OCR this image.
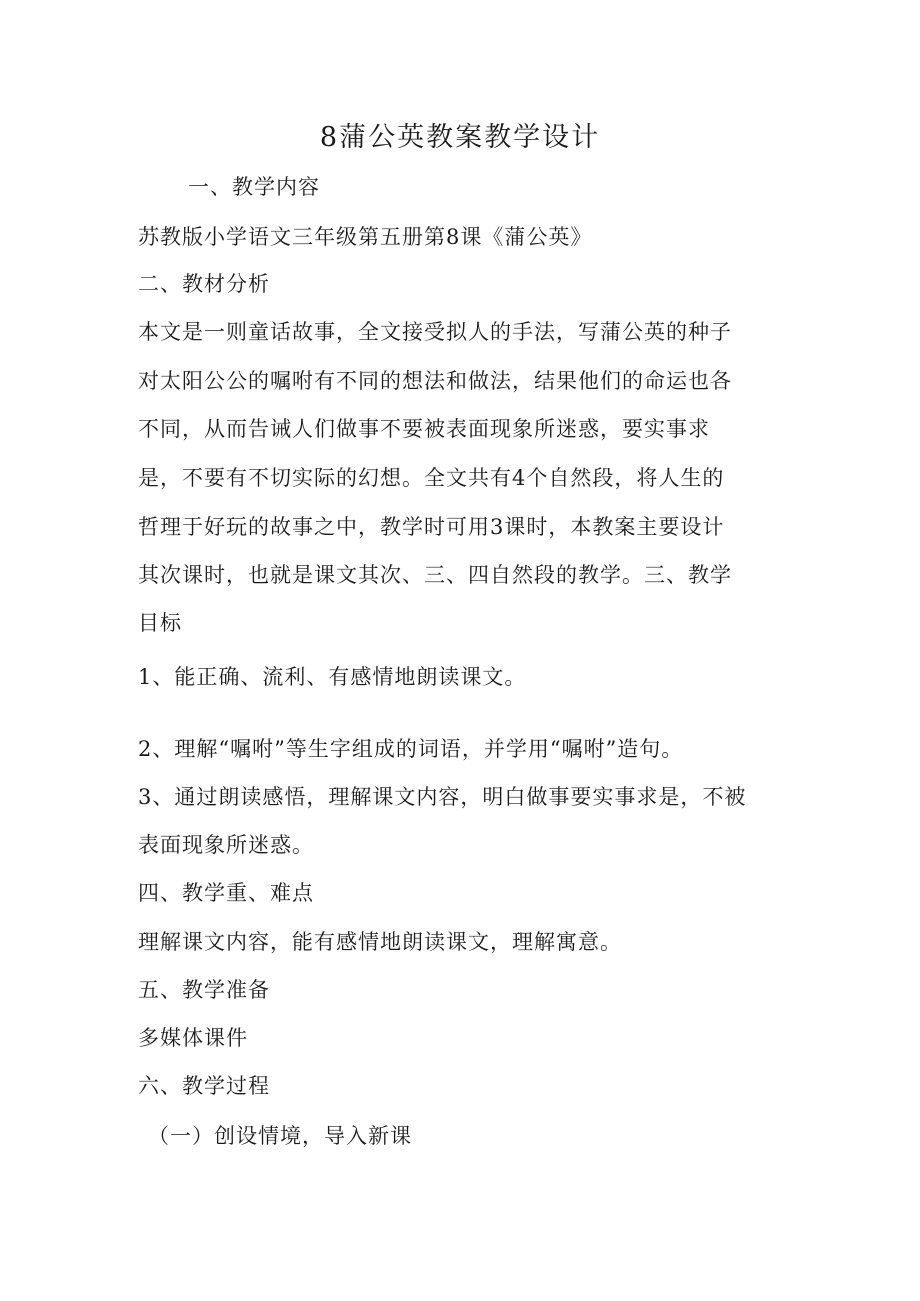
8蒲公英教案教学设计
一、教学内容
苏教版小学语文三年级第五册第8课《蒲公英》
二、教材分析
本文是一则童话故事，全文接受拟人的手法，写蒲公英的种子
对太阳公公的嘱咐有不同的想法和做法，结果他们的命运也各
不同，从而告诫人们做事不要被表面现象所迷惑，要实事求
是，不要有不切实际的幻想。全文共有4个自然段，将人生的
哲理于好玩的故事之中，教学时可用3课时，本教案主要设计
其次课时，也就是课文其次、三、四自然段的教学。三、教学
目标
1、能正确、流利、有感情地朗读课文。
2、理解“嘱咐”等生字组成的词语，并学用“嘱咐”造句。
3、通过朗读感悟，理解课文内容，明白做事要实事求是，不被
表面现象所迷惑。
四、教学重、难点
理解课文内容，能有感情地朗读课文，理解寓意。
五、教学准备
多媒体课件
六、教学过程
（一）创设情境，导入新课
